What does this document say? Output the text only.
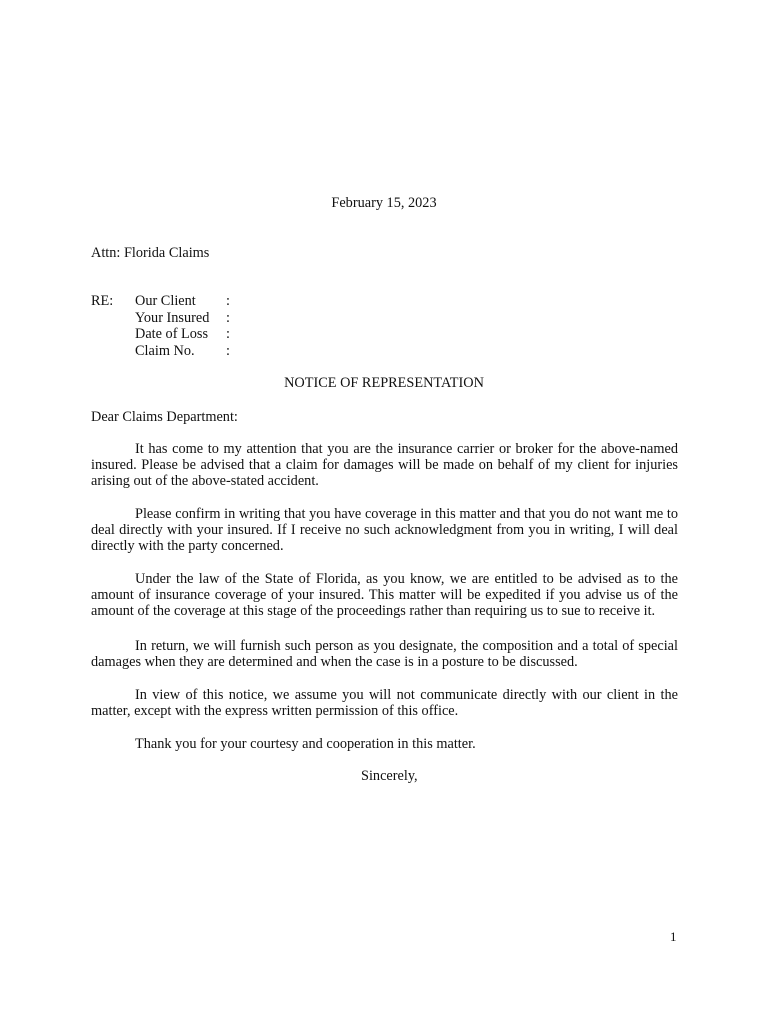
February 15, 2023
Attn: Florida Claims
RE: Our Client :
Your Insured :
Date of Loss :
Claim No. :
NOTICE OF REPRESENTATION
Dear Claims Department:

It has come to my attention that you are the insurance carrier or broker for the above-named insured. Please be advised that a claim for damages will be made on behalf of my client for injuries arising out of the above-stated accident.

Please confirm in writing that you have coverage in this matter and that you do not want me to deal directly with your insured. If I receive no such acknowledgment from you in writing, I will deal directly with the party concerned.

Under the law of the State of Florida, as you know, we are entitled to be advised as to the amount of insurance coverage of your insured. This matter will be expedited if you advise us of the amount of the coverage at this stage of the proceedings rather than requiring us to sue to receive it.

In return, we will furnish such person as you designate, the composition and a total of special damages when they are determined and when the case is in a posture to be discussed.

In view of this notice, we assume you will not communicate directly with our client in the matter, except with the express written permission of this office.

Thank you for your courtesy and cooperation in this matter.

Sincerely,
1
